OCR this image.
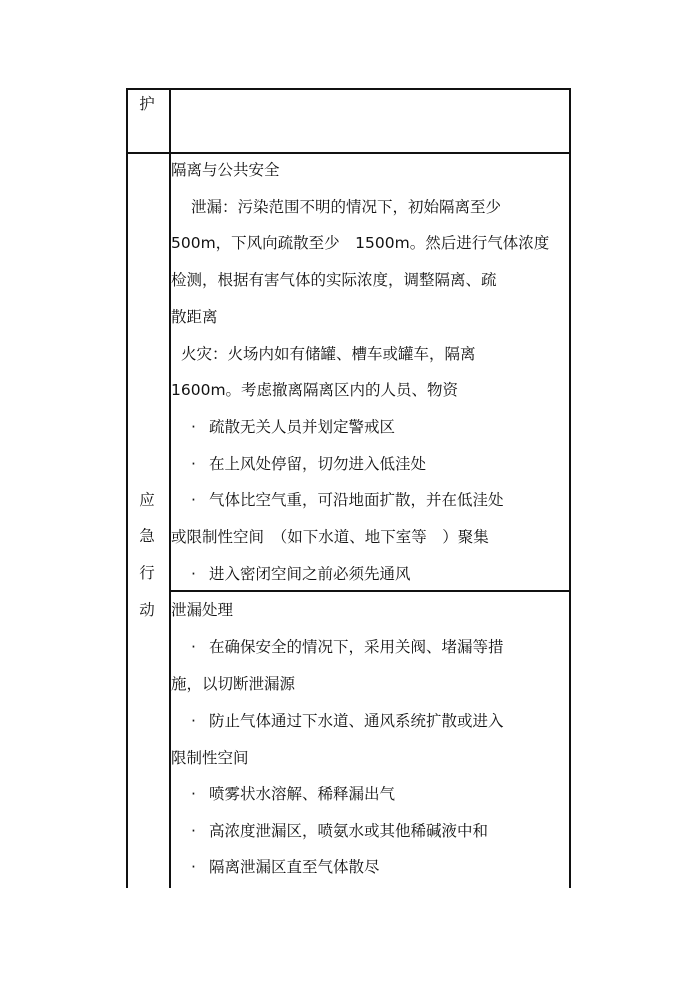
护
应
急
行
动
隔离与公共安全
泄漏：污染范围不明的情况下，初始隔离至少
500m，下风向疏散至少　1500m。然后进行气体浓度
检测，根据有害气体的实际浓度，调整隔离、疏
散距离
火灾：火场内如有储罐、槽车或罐车，隔离
1600m。考虑撤离隔离区内的人员、物资
· 疏散无关人员并划定警戒区
· 在上风处停留，切勿进入低洼处
· 气体比空气重，可沿地面扩散，并在低洼处
或限制性空间　（如下水道、地下室等　）聚集
· 进入密闭空间之前必须先通风
泄漏处理
· 在确保安全的情况下，采用关阀、堵漏等措
施，以切断泄漏源
· 防止气体通过下水道、通风系统扩散或进入
限制性空间
· 喷雾状水溶解、稀释漏出气
· 高浓度泄漏区，喷氨水或其他稀碱液中和
· 隔离泄漏区直至气体散尽
